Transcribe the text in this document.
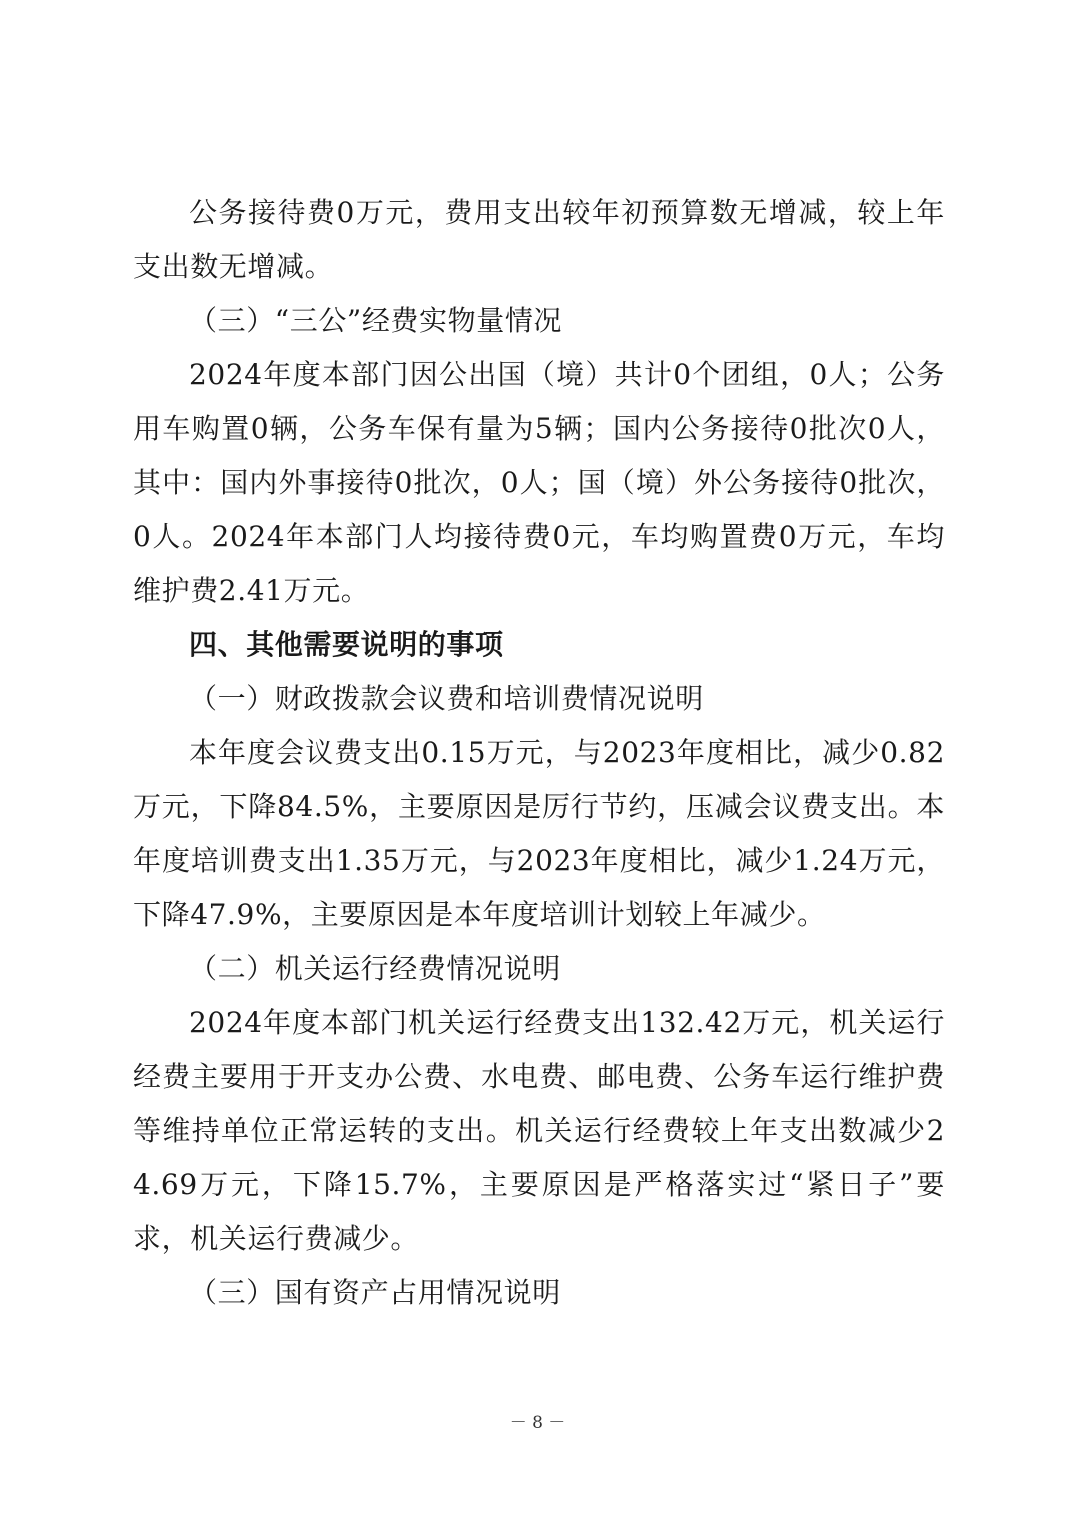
公务接待费0万元，费用支出较年初预算数无增减，较上年支出数无增减。

（三）“三公”经费实物量情况

2024年度本部门因公出国（境）共计0个团组，0人；公务用车购置0辆，公务车保有量为5辆；国内公务接待0批次0人，其中：国内外事接待0批次，0人；国（境）外公务接待0批次，0人。2024年本部门人均接待费0元，车均购置费0万元，车均维护费2.41万元。

四、其他需要说明的事项

（一）财政拨款会议费和培训费情况说明

本年度会议费支出0.15万元，与2023年度相比，减少0.82万元，下降84.5%，主要原因是厉行节约，压减会议费支出。本年度培训费支出1.35万元，与2023年度相比，减少1.24万元，下降47.9%，主要原因是本年度培训计划较上年减少。

（二）机关运行经费情况说明

2024年度本部门机关运行经费支出132.42万元，机关运行经费主要用于开支办公费、水电费、邮电费、公务车运行维护费等维持单位正常运转的支出。机关运行经费较上年支出数减少24.69万元，下降15.7%，主要原因是严格落实过“紧日子”要求，机关运行费减少。

（三）国有资产占用情况说明

－ 8 －
